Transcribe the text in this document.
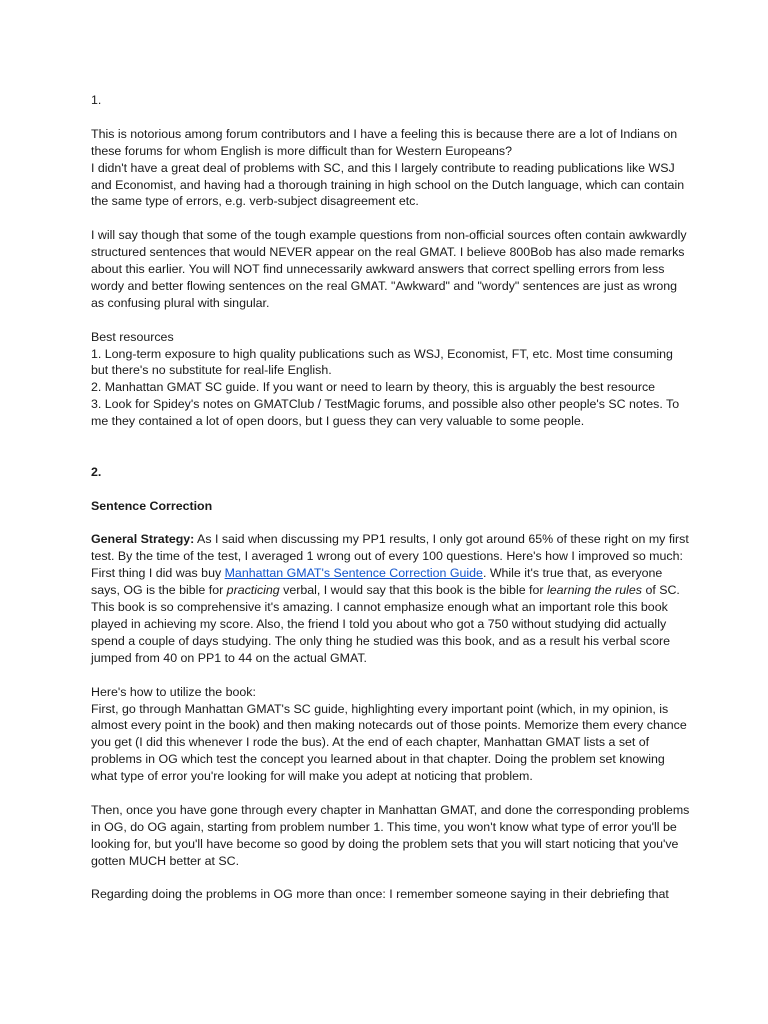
1.

This is notorious among forum contributors and I have a feeling this is because there are a lot of Indians on these forums for whom English is more difficult than for Western Europeans?

I didn't have a great deal of problems with SC, and this I largely contribute to reading publications like WSJ and Economist, and having had a thorough training in high school on the Dutch language, which can contain the same type of errors, e.g. verb-subject disagreement etc.

I will say though that some of the tough example questions from non-official sources often contain awkwardly structured sentences that would NEVER appear on the real GMAT. I believe 800Bob has also made remarks about this earlier. You will NOT find unnecessarily awkward answers that correct spelling errors from less wordy and better flowing sentences on the real GMAT. "Awkward" and "wordy" sentences are just as wrong as confusing plural with singular.

Best resources

1. Long-term exposure to high quality publications such as WSJ, Economist, FT, etc. Most time consuming but there's no substitute for real-life English.

2. Manhattan GMAT SC guide. If you want or need to learn by theory, this is arguably the best resource

3. Look for Spidey's notes on GMATClub / TestMagic forums, and possible also other people's SC notes. To me they contained a lot of open doors, but I guess they can very valuable to some people.

2.

Sentence Correction

General Strategy: As I said when discussing my PP1 results, I only got around 65% of these right on my first test. By the time of the test, I averaged 1 wrong out of every 100 questions. Here's how I improved so much:

First thing I did was buy Manhattan GMAT's Sentence Correction Guide. While it's true that, as everyone says, OG is the bible for practicing verbal, I would say that this book is the bible for learning the rules of SC. This book is so comprehensive it's amazing. I cannot emphasize enough what an important role this book played in achieving my score. Also, the friend I told you about who got a 750 without studying did actually spend a couple of days studying. The only thing he studied was this book, and as a result his verbal score jumped from 40 on PP1 to 44 on the actual GMAT.

Here's how to utilize the book:

First, go through Manhattan GMAT's SC guide, highlighting every important point (which, in my opinion, is almost every point in the book) and then making notecards out of those points. Memorize them every chance you get (I did this whenever I rode the bus). At the end of each chapter, Manhattan GMAT lists a set of problems in OG which test the concept you learned about in that chapter. Doing the problem set knowing what type of error you're looking for will make you adept at noticing that problem.

Then, once you have gone through every chapter in Manhattan GMAT, and done the corresponding problems in OG, do OG again, starting from problem number 1. This time, you won't know what type of error you'll be looking for, but you'll have become so good by doing the problem sets that you will start noticing that you've gotten MUCH better at SC.

Regarding doing the problems in OG more than once: I remember someone saying in their debriefing that
